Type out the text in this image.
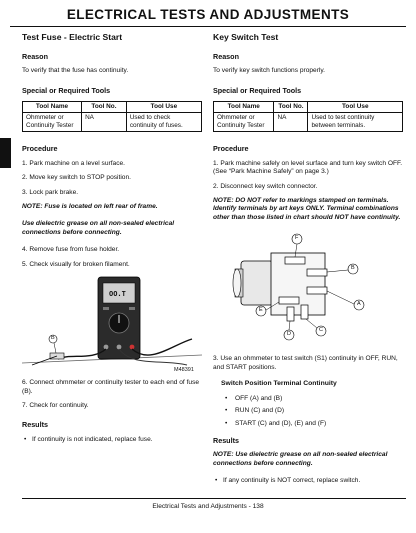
ELECTRICAL TESTS AND ADJUSTMENTS
Test Fuse - Electric Start
Reason
To verify that the fuse has continuity.
Special or Required Tools
Tool Name	Tool No.	Tool Use
Ohmmeter or Continuity Tester	NA	Used to check continuity of fuses.
Procedure
1. Park machine on a level surface.
2. Move key switch to STOP position.
3. Lock park brake.
NOTE: Fuse is located on left rear of frame.
Use dielectric grease on all non-sealed electrical connections before connecting.
4. Remove fuse from fuse holder.
5. Check visually for broken filament.
OO.T
B
M48391
6. Connect ohmmeter or continuity tester to each end of fuse (B).
7. Check for continuity.
Results
• If continuity is not indicated, replace fuse.
Key Switch Test
Reason
To verify key switch functions properly.
Special or Required Tools
Tool Name	Tool No.	Tool Use
Ohmmeter or Continuity Tester	NA	Used to test continuity between terminals.
Procedure
1. Park machine safely on level surface and turn key switch OFF. (See “Park Machine Safely” on page 3.)
2. Disconnect key switch connector.
NOTE: DO NOT refer to markings stamped on terminals. Identify terminals by art keys ONLY. Terminal combinations other than those listed in chart should NOT have continuity.
F
B
A
E
D
C
3. Use an ohmmeter to test switch (S1) continuity in OFF, RUN, and START positions.
Switch Position Terminal Continuity
• OFF (A) and (B)
• RUN (C) and (D)
• START (C) and (D), (E) and (F)
Results
NOTE: Use dielectric grease on all non-sealed electrical connections before connecting.
• If any continuity is NOT correct, replace switch.
Electrical Tests and Adjustments - 138
